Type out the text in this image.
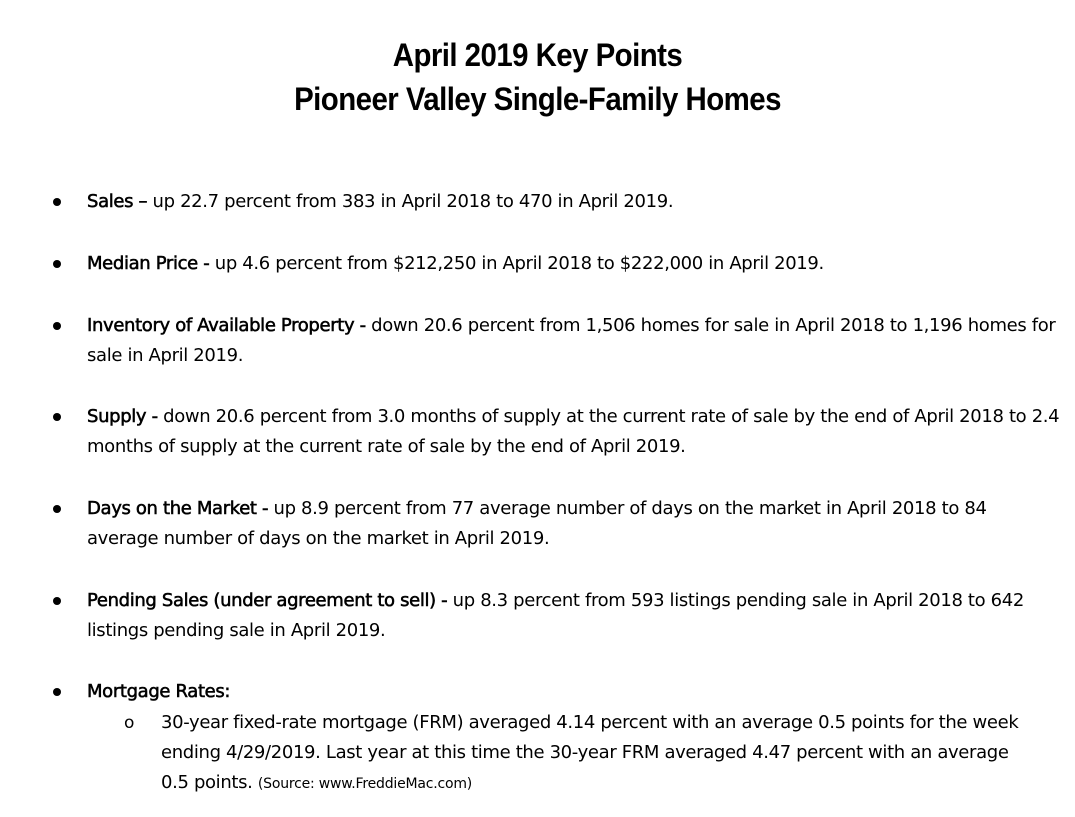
April 2019 Key Points
Pioneer Valley Single-Family Homes
Sales – up 22.7 percent from 383 in April 2018 to 470 in April 2019.
Median Price - up 4.6 percent from $212,250 in April 2018 to $222,000 in April 2019.
Inventory of Available Property - down 20.6 percent from 1,506 homes for sale in April 2018 to 1,196 homes for sale in April 2019.
Supply - down 20.6 percent from 3.0 months of supply at the current rate of sale by the end of April 2018 to 2.4 months of supply at the current rate of sale by the end of April 2019.
Days on the Market - up 8.9 percent from 77 average number of days on the market in April 2018 to 84 average number of days on the market in April 2019.
Pending Sales (under agreement to sell) - up 8.3 percent from 593 listings pending sale in April 2018 to 642 listings pending sale in April 2019.
Mortgage Rates:
o 30-year fixed-rate mortgage (FRM) averaged 4.14 percent with an average 0.5 points for the week ending 4/29/2019. Last year at this time the 30-year FRM averaged 4.47 percent with an average 0.5 points. (Source: www.FreddieMac.com)
